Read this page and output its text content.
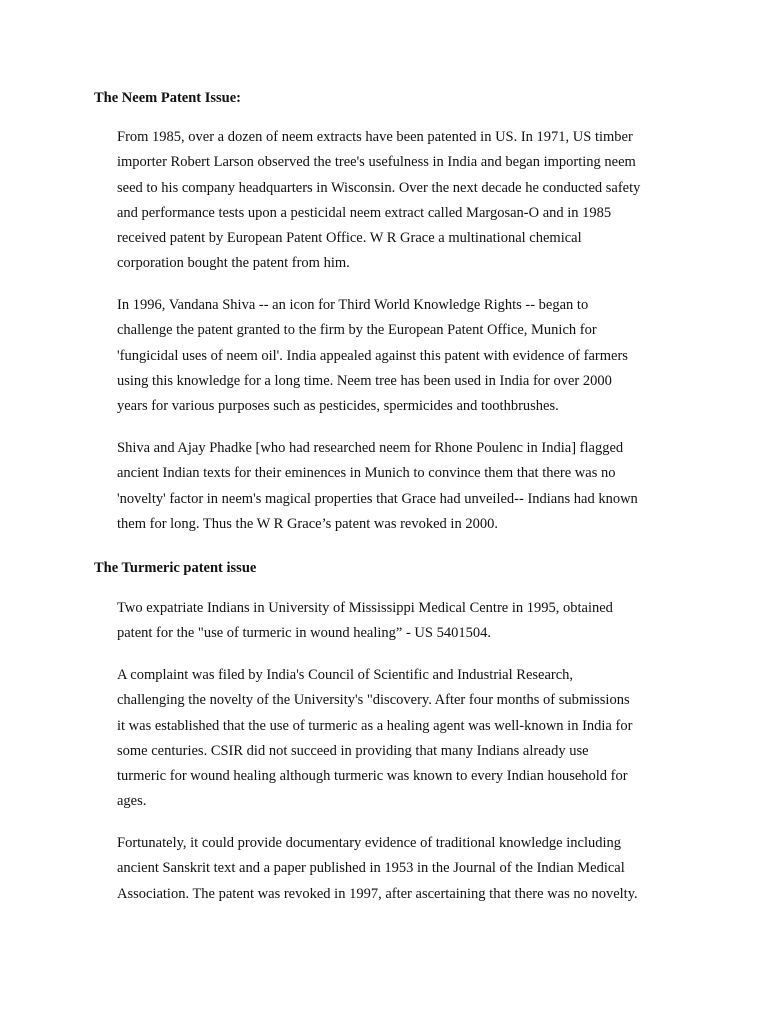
The Neem Patent Issue:

From 1985, over a dozen of neem extracts have been patented in US. In 1971, US timber
importer Robert Larson observed the tree's usefulness in India and began importing neem
seed to his company headquarters in Wisconsin. Over the next decade he conducted safety
and performance tests upon a pesticidal neem extract called Margosan-O and in 1985
received patent by European Patent Office. W R Grace a multinational chemical
corporation bought the patent from him.

In 1996, Vandana Shiva -- an icon for Third World Knowledge Rights -- began to
challenge the patent granted to the firm by the European Patent Office, Munich for
'fungicidal uses of neem oil'. India appealed against this patent with evidence of farmers
using this knowledge for a long time. Neem tree has been used in India for over 2000
years for various purposes such as pesticides, spermicides and toothbrushes.

Shiva and Ajay Phadke [who had researched neem for Rhone Poulenc in India] flagged
ancient Indian texts for their eminences in Munich to convince them that there was no
'novelty' factor in neem's magical properties that Grace had unveiled-- Indians had known
them for long. Thus the W R Grace’s patent was revoked in 2000.

The Turmeric patent issue

Two expatriate Indians in University of Mississippi Medical Centre in 1995, obtained
patent for the "use of turmeric in wound healing” - US 5401504.

A complaint was filed by India's Council of Scientific and Industrial Research,
challenging the novelty of the University's "discovery. After four months of submissions
it was established that the use of turmeric as a healing agent was well-known in India for
some centuries. CSIR did not succeed in providing that many Indians already use
turmeric for wound healing although turmeric was known to every Indian household for
ages.

Fortunately, it could provide documentary evidence of traditional knowledge including
ancient Sanskrit text and a paper published in 1953 in the Journal of the Indian Medical
Association. The patent was revoked in 1997, after ascertaining that there was no novelty.
